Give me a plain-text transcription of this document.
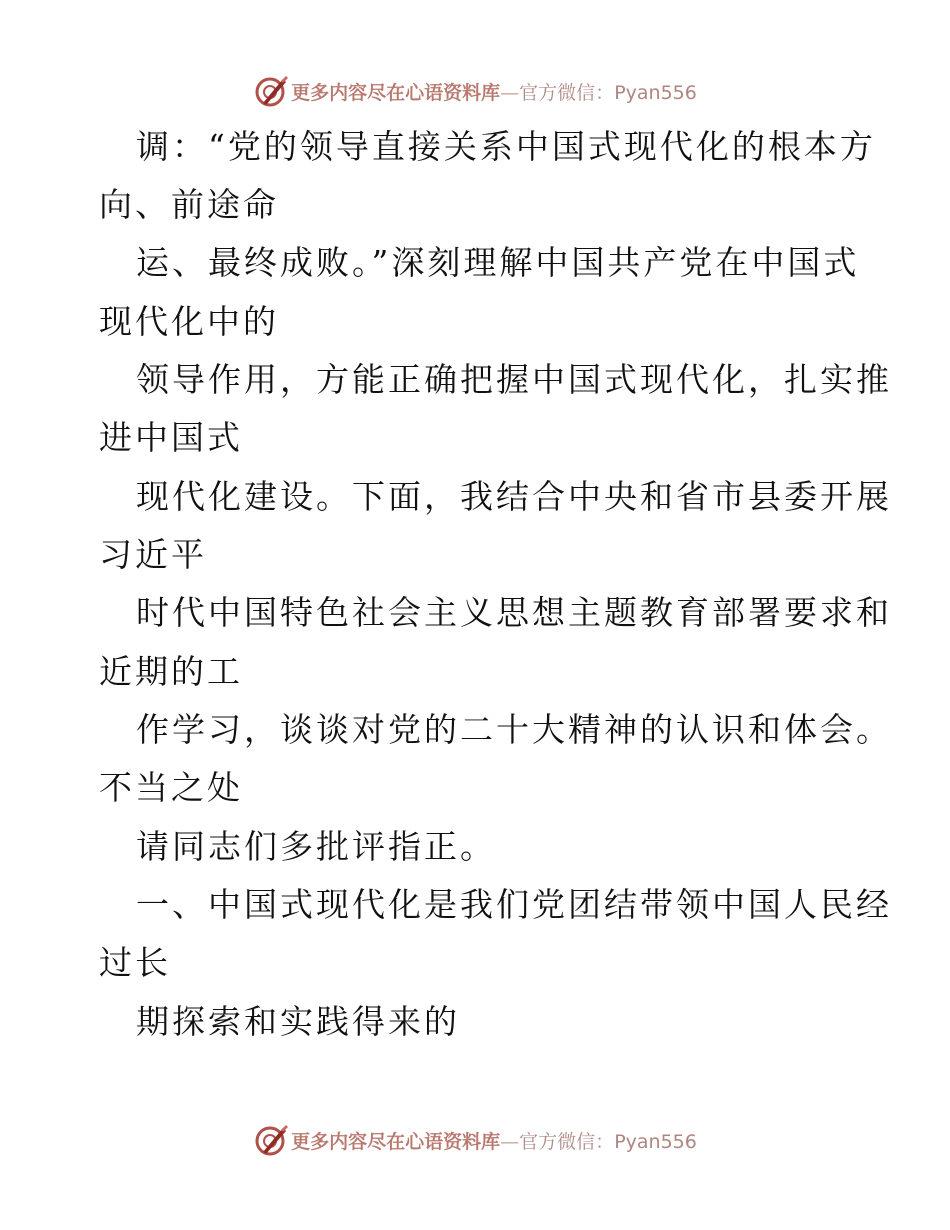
更多内容尽在心语资料库—官方微信：Pyan556
调：“党的领导直接关系中国式现代化的根本方
向、前途命
运、最终成败。”深刻理解中国共产党在中国式
现代化中的
领导作用，方能正确把握中国式现代化，扎实推
进中国式
现代化建设。下面，我结合中央和省市县委开展
习近平
时代中国特色社会主义思想主题教育部署要求和
近期的工
作学习，谈谈对党的二十大精神的认识和体会。
不当之处
请同志们多批评指正。
一、中国式现代化是我们党团结带领中国人民经
过长
期探索和实践得来的
更多内容尽在心语资料库—官方微信：Pyan556
